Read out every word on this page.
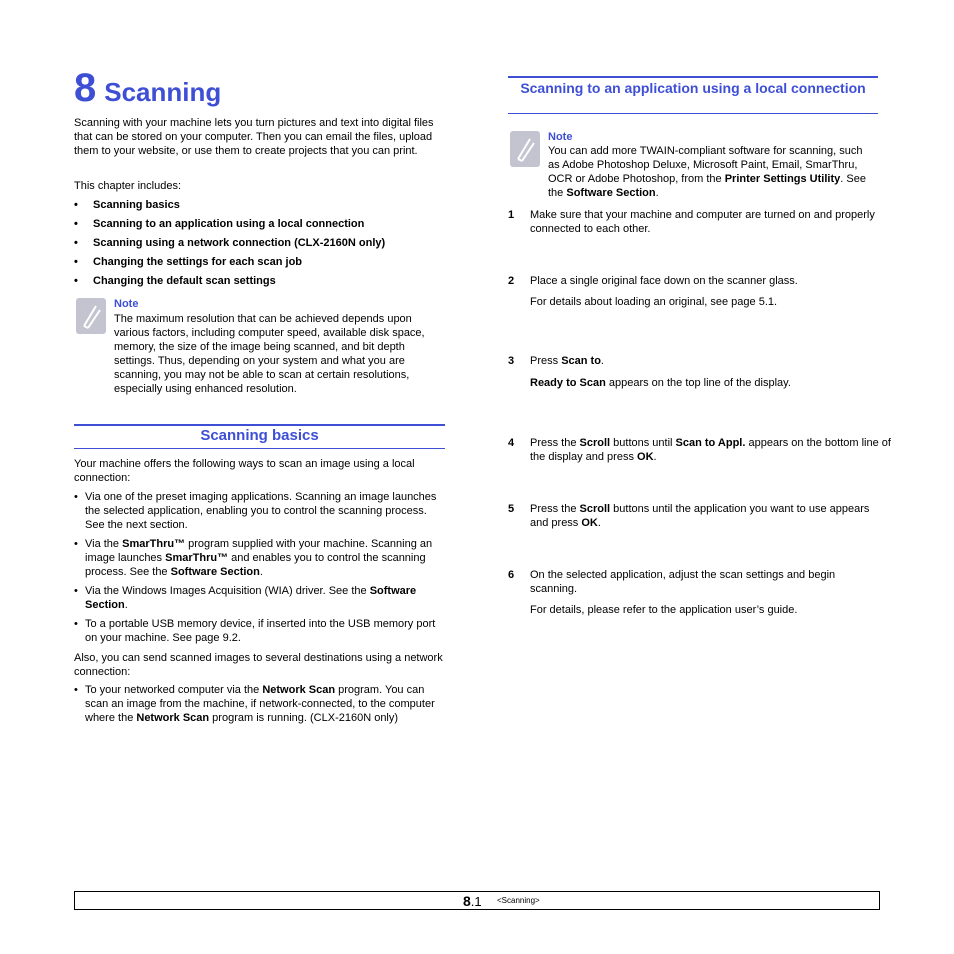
8 Scanning

Scanning with your machine lets you turn pictures and text into digital files that can be stored on your computer. Then you can email the files, upload them to your website, or use them to create projects that you can print.

This chapter includes:

• Scanning basics
• Scanning to an application using a local connection
• Scanning using a network connection (CLX-2160N only)
• Changing the settings for each scan job
• Changing the default scan settings
Note

The maximum resolution that can be achieved depends upon various factors, including computer speed, available disk space, memory, the size of the image being scanned, and bit depth settings. Thus, depending on your system and what you are scanning, you may not be able to scan at certain resolutions, especially using enhanced resolution.

Scanning basics

Your machine offers the following ways to scan an image using a local connection:

• Via one of the preset imaging applications. Scanning an image launches the selected application, enabling you to control the scanning process. See the next section.
• Via the SmarThru™ program supplied with your machine. Scanning an image launches SmarThru™ and enables you to control the scanning process. See the Software Section.
• Via the Windows Images Acquisition (WIA) driver. See the Software Section.
• To a portable USB memory device, if inserted into the USB memory port on your machine. See page 9.2.

Also, you can send scanned images to several destinations using a network connection:

• To your networked computer via the Network Scan program. You can scan an image from the machine, if network-connected, to the computer where the Network Scan program is running. (CLX-2160N only)
Scanning to an application using a local connection
Note

You can add more TWAIN-compliant software for scanning, such as Adobe Photoshop Deluxe, Microsoft Paint, Email, SmarThru, OCR or Adobe Photoshop, from the Printer Settings Utility. See the Software Section.

1 Make sure that your machine and computer are turned on and properly connected to each other.

2 Place a single original face down on the scanner glass.

For details about loading an original, see page 5.1.

3 Press Scan to.

Ready to Scan appears on the top line of the display.

4 Press the Scroll buttons until Scan to Appl. appears on the bottom line of the display and press OK.

5 Press the Scroll buttons until the application you want to use appears and press OK.

6 On the selected application, adjust the scan settings and begin scanning.

For details, please refer to the application user’s guide.

8.1 <Scanning>
